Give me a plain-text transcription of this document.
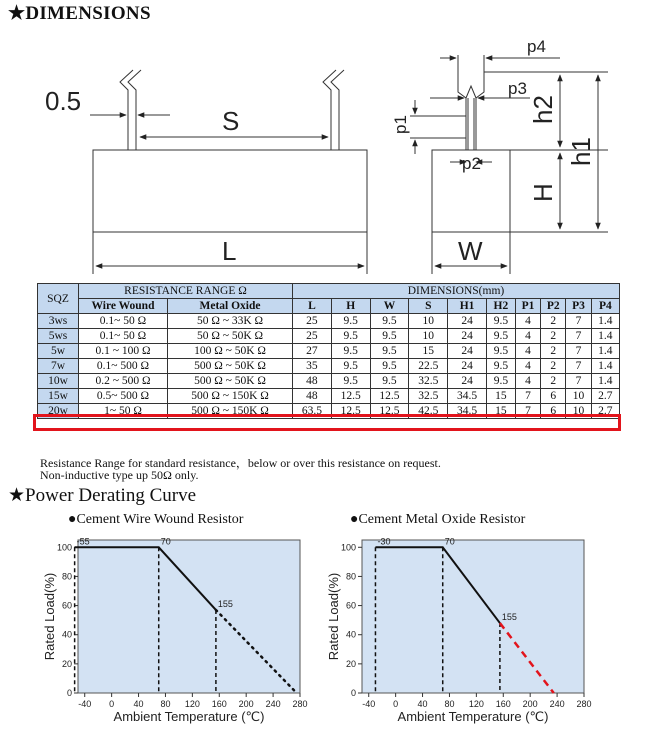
★DIMENSIONS
0.5
S
L
p4
p3
p1
p2
h2
h1
H
W
SQZ	RESISTANCE RANGE Ω		DIMENSIONS(mm)									
	Wire Wound	Metal Oxide	L	H	W	S	H1	H2	P1	P2	P3	P4
3ws	0.1~ 50 Ω	50 Ω ~ 33K Ω	25	9.5	9.5	10	24	9.5	4	2	7	1.4
5ws	0.1~ 50 Ω	50 Ω ~ 50K Ω	25	9.5	9.5	10	24	9.5	4	2	7	1.4
5w	0.1 ~ 100 Ω	100 Ω ~ 50K Ω	27	9.5	9.5	15	24	9.5	4	2	7	1.4
7w	0.1~ 500 Ω	500 Ω ~ 50K Ω	35	9.5	9.5	22.5	24	9.5	4	2	7	1.4
10w	0.2 ~ 500 Ω	500 Ω ~ 50K Ω	48	9.5	9.5	32.5	24	9.5	4	2	7	1.4
15w	0.5~ 500 Ω	500 Ω ~ 150K Ω	48	12.5	12.5	32.5	34.5	15	7	6	10	2.7
20w	1~ 50 Ω	500 Ω ~ 150K Ω	63.5	12.5	12.5	42.5	34.5	15	7	6	10	2.7
Resistance Range for standard resistance，below or over this resistance on request.
Non-inductive type up 50Ω only.
★Power Derating Curve
●Cement Wire Wound Resistor	●Cement Metal Oxide Resistor
0
20
40
60
80
100
-40 0 40 80 120 160 200 240 280
Ambient Temperature (℃)
Rated Load(%)
-55	70
155
0
20
40
60
80
100
-40 0 40 80 120 160 200 240 280
Ambient Temperature (℃)
Rated Load(%)
-30	70
155
